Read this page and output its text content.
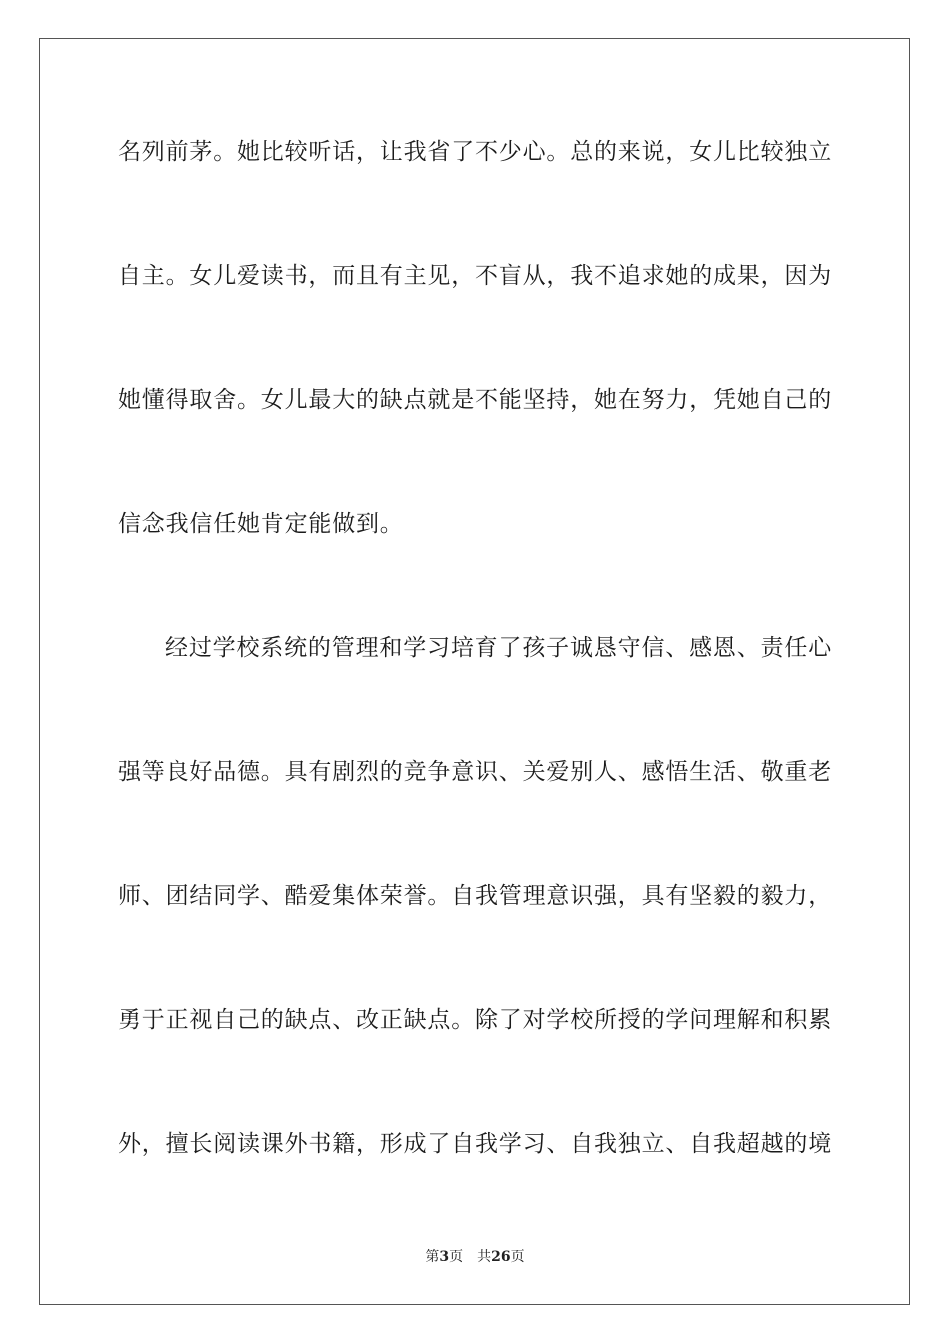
名列前茅。她比较听话，让我省了不少心。总的来说，女儿比较独立
自主。女儿爱读书，而且有主见，不盲从，我不追求她的成果，因为
她懂得取舍。女儿最大的缺点就是不能坚持，她在努力，凭她自己的
信念我信任她肯定能做到。
经过学校系统的管理和学习培育了孩子诚恳守信、感恩、责任心
强等良好品德。具有剧烈的竞争意识、关爱别人、感悟生活、敬重老
师、团结同学、酷爱集体荣誉。自我管理意识强，具有坚毅的毅力，
勇于正视自己的缺点、改正缺点。除了对学校所授的学问理解和积累
外，擅长阅读课外书籍，形成了自我学习、自我独立、自我超越的境
第3页 共26页
